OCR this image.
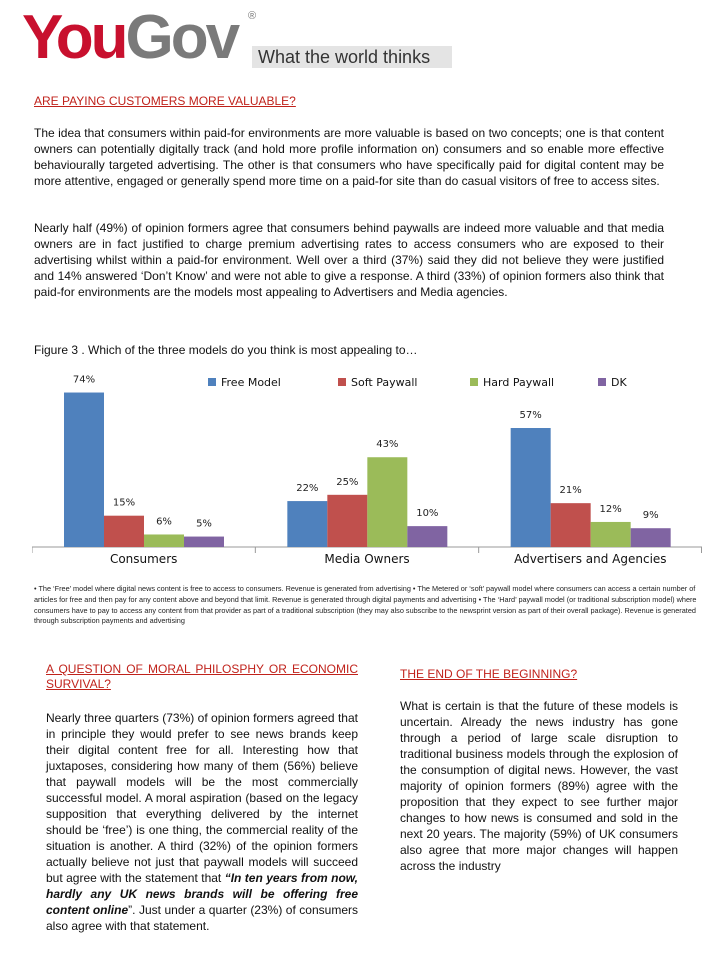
YouGov ®
What the world thinks
ARE PAYING CUSTOMERS MORE VALUABLE?

The idea that consumers within paid-for environments are more valuable is based on two concepts; one is that content owners can potentially digitally track (and hold more profile information on) consumers and so enable more effective behaviourally targeted advertising. The other is that consumers who have specifically paid for digital content may be more attentive, engaged or generally spend more time on a paid-for site than do casual visitors of free to access sites.

Nearly half (49%) of opinion formers agree that consumers behind paywalls are indeed more valuable and that media owners are in fact justified to charge premium advertising rates to access consumers who are exposed to their advertising whilst within a paid-for environment. Well over a third (37%) said they did not believe they were justified and 14% answered ‘Don’t Know’ and were not able to give a response. A third (33%) of opinion formers also think that paid-for environments are the models most appealing to Advertisers and Media agencies.

Figure 3 . Which of the three models do you think is most appealing to…
74%
15%
6% 5%
Consumers
22%
25%
43%
10%
Media Owners
57%
21%
12%
9%
Advertisers and Agencies
Free Model	Soft Paywall	Hard Paywall	DK

• The ‘Free’ model where digital news content is free to access to consumers. Revenue is generated from advertising • The Metered or ‘soft’ paywall model where consumers can access a certain number of articles for free and then pay for any content above and beyond that limit. Revenue is generated through digital payments and advertising • The ‘Hard’ paywall model (or traditional subscription model) where consumers have to pay to access any content from that provider as part of a traditional subscription (they may also subscribe to the newsprint version as part of their overall package). Revenue is generated through subscription payments and advertising

A QUESTION OF MORAL PHILOSPHY OR ECONOMIC SURVIVAL?

Nearly three quarters (73%) of opinion formers agreed that in principle they would prefer to see news brands keep their digital content free for all. Interesting how that juxtaposes, considering how many of them (56%) believe that paywall models will be the most commercially successful model. A moral aspiration (based on the legacy supposition that everything delivered by the internet should be ‘free’) is one thing, the commercial reality of the situation is another. A third (32%) of the opinion formers actually believe not just that paywall models will succeed but agree with the statement that “In ten years from now, hardly any UK news brands will be offering free content online”. Just under a quarter (23%) of consumers also agree with that statement.

THE END OF THE BEGINNING?

What is certain is that the future of these models is uncertain. Already the news industry has gone through a period of large scale disruption to traditional business models through the explosion of the consumption of digital news. However, the vast majority of opinion formers (89%) agree with the proposition that they expect to see further major changes to how news is consumed and sold in the next 20 years. The majority (59%) of UK consumers also agree that more major changes will happen across the industry
